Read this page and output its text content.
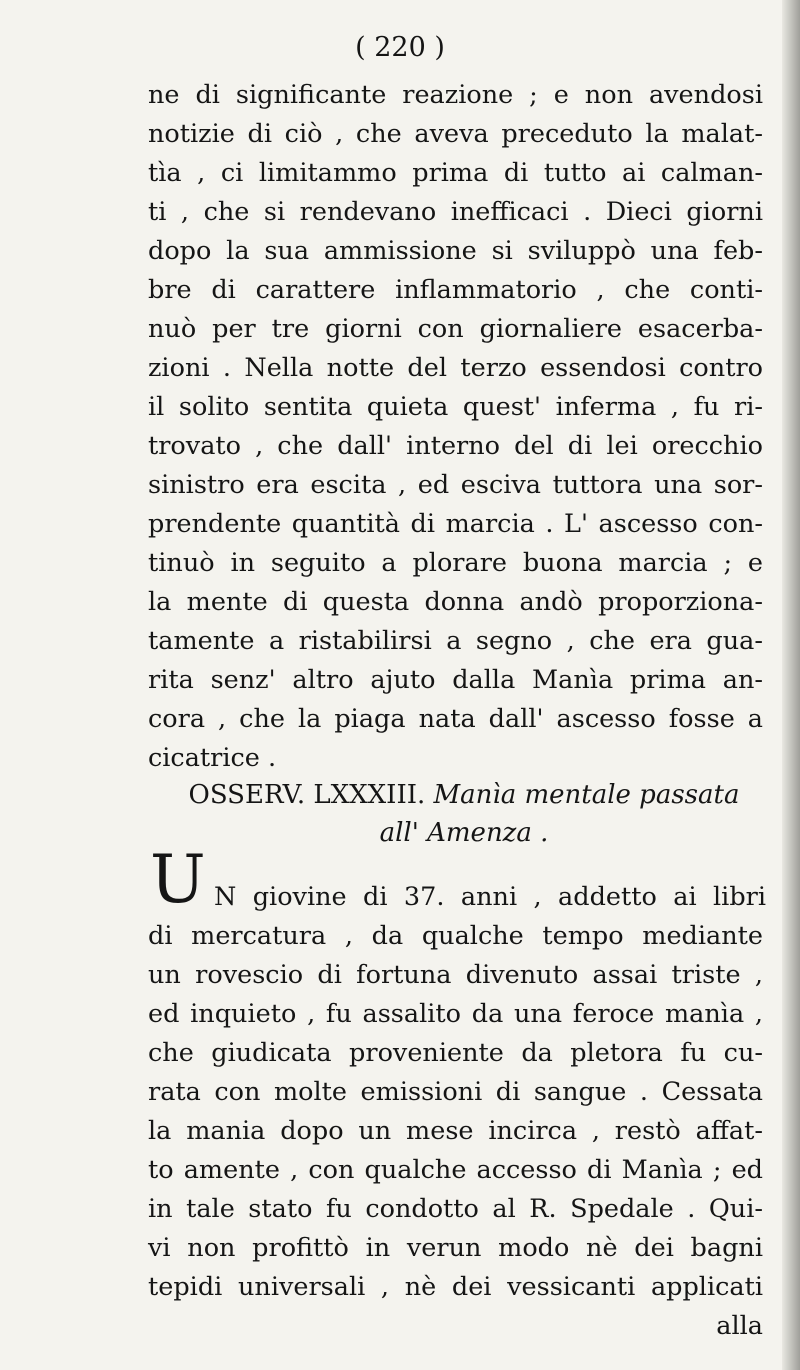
( 220 )
ne di significante reazione ; e non avendosi
notizie di ciò , che aveva preceduto la malat-
tìa , ci limitammo prima di tutto ai calman-
ti , che si rendevano inefficaci . Dieci giorni
dopo la sua ammissione si sviluppò una feb-
bre di carattere inflammatorio , che conti-
nuò per tre giorni con giornaliere esacerba-
zioni . Nella notte del terzo essendosi contro
il solito sentita quieta quest' inferma , fu ri-
trovato , che dall' interno del di lei orecchio
sinistro era escita , ed esciva tuttora una sor-
prendente quantità di marcia . L' ascesso con-
tinuò in seguito a plorare buona marcia ; e
la mente di questa donna andò proporziona-
tamente a ristabilirsi a segno , che era gua-
rita senz' altro ajuto dalla Manìa prima an-
cora , che la piaga nata dall' ascesso fosse a
cicatrice .
OSSERV. LXXXIII. Manìa mentale passata
all' Amenza .
U N giovine di 37. anni , addetto ai libri
di mercatura , da qualche tempo mediante
un rovescio di fortuna divenuto assai triste ,
ed inquieto , fu assalito da una feroce manìa ,
che giudicata proveniente da pletora fu cu-
rata con molte emissioni di sangue . Cessata
la mania dopo un mese incirca , restò affat-
to amente , con qualche accesso di Manìa ; ed
in tale stato fu condotto al R. Spedale . Qui-
vi non profittò in verun modo nè dei bagni
tepidi universali , nè dei vessicanti applicati
alla
